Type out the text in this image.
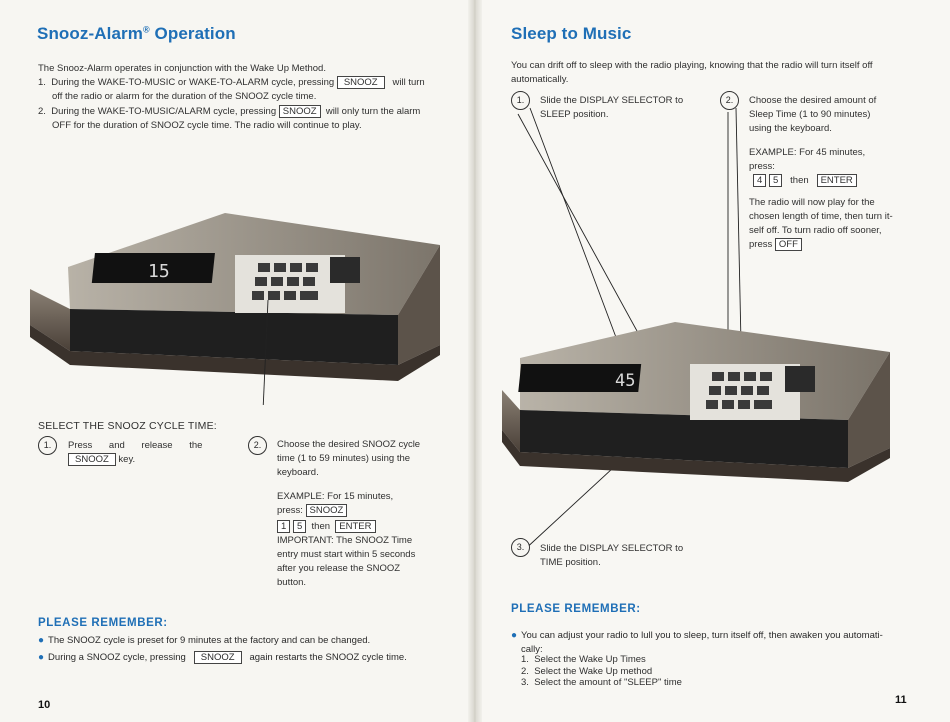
Snooz-Alarm® Operation
The Snooz-Alarm operates in conjunction with the Wake Up Method.
1. During the WAKE-TO-MUSIC or WAKE-TO-ALARM cycle, pressing SNOOZ will turn
off the radio or alarm for the duration of the SNOOZ cycle time.
2. During the WAKE-TO-MUSIC/ALARM cycle, pressing SNOOZ will only turn the alarm
OFF for the duration of SNOOZ cycle time. The radio will continue to play.
15
SELECT THE SNOOZ CYCLE TIME:
1.	Press and release the
SNOOZ key.
2.	Choose the desired SNOOZ cycle
time (1 to 59 minutes) using the
keyboard.
EXAMPLE: For 15 minutes,
press: SNOOZ
1 5 then ENTER
IMPORTANT: The SNOOZ Time
entry must start within 5 seconds
after you release the SNOOZ button.
PLEASE REMEMBER:
● The SNOOZ cycle is preset for 9 minutes at the factory and can be changed.
● During a SNOOZ cycle, pressing SNOOZ again restarts the SNOOZ cycle time.
10
Sleep to Music
You can drift off to sleep with the radio playing, knowing that the radio will turn itself off
automatically.
1.	Slide the DISPLAY SELECTOR to
SLEEP position.
2.	Choose the desired amount of
Sleep Time (1 to 90 minutes)
using the keyboard.
EXAMPLE: For 45 minutes,
press:
4 5 then ENTER
The radio will now play for the
chosen length of time, then turn it-
self off. To turn radio off sooner,
press OFF
45
3.	Slide the DISPLAY SELECTOR to
TIME position.
PLEASE REMEMBER:
● You can adjust your radio to lull you to sleep, turn itself off, then awaken you automati-
cally:
1.  Select the Wake Up Times
2.  Select the Wake Up method
3.  Select the amount of "SLEEP" time
11
